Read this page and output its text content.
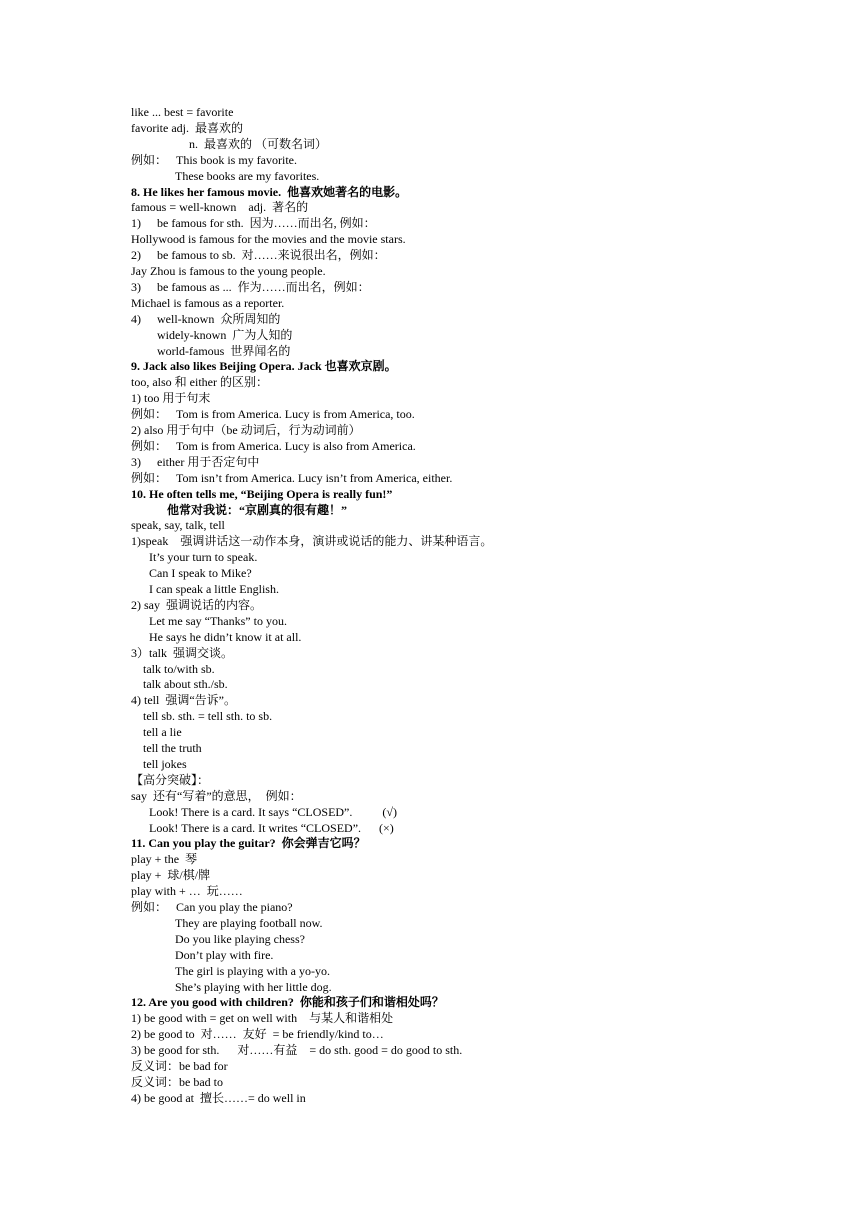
like ... best = favorite
favorite adj.  最喜欢的
n.  最喜欢的 （可数名词）
例如： This book is my favorite.
These books are my favorites.
8. He likes her famous movie.  他喜欢她著名的电影。
famous = well-known    adj.  著名的
1) be famous for sth.  因为……而出名, 例如：
Hollywood is famous for the movies and the movie stars.
2) be famous to sb.  对……来说很出名，例如：
Jay Zhou is famous to the young people.
3) be famous as ...  作为……而出名，例如：
Michael is famous as a reporter.
4) well-known  众所周知的
widely-known  广为人知的
world-famous  世界闻名的
9. Jack also likes Beijing Opera. Jack 也喜欢京剧。
too, also 和 either 的区别：
1) too 用于句末
例如： Tom is from America. Lucy is from America, too.
2) also 用于句中（be 动词后，行为动词前）
例如： Tom is from America. Lucy is also from America.
3) either 用于否定句中
例如： Tom isn’t from America. Lucy isn’t from America, either.
10. He often tells me, “Beijing Opera is really fun!”
他常对我说：“京剧真的很有趣！”
speak, say, talk, tell
1)speak    强调讲话这一动作本身，演讲或说话的能力、讲某种语言。
It’s your turn to speak.
Can I speak to Mike?
I can speak a little English.
2) say  强调说话的内容。
Let me say “Thanks” to you.
He says he didn’t know it at all.
3）talk  强调交谈。
talk to/with sb.
talk about sth./sb.
4) tell  强调“告诉”。
tell sb. sth. = tell sth. to sb.
tell a lie
tell the truth
tell jokes
【高分突破】：
say  还有“写着”的意思，  例如：
Look! There is a card. It says “CLOSED”.          (√)
Look! There is a card. It writes “CLOSED”.      (×)
11. Can you play the guitar?  你会弹吉它吗？
play + the  琴
play +  球/棋/牌
play with + …  玩……
例如： Can you play the piano?
They are playing football now.
Do you like playing chess?
Don’t play with fire.
The girl is playing with a yo-yo.
She’s playing with her little dog.
12. Are you good with children?  你能和孩子们和谐相处吗？
1) be good with = get on well with    与某人和谐相处
2) be good to  对……  友好  = be friendly/kind to…
3) be good for sth.      对……有益    = do sth. good = do good to sth.
反义词：be bad for
反义词：be bad to
4) be good at  擅长……= do well in
